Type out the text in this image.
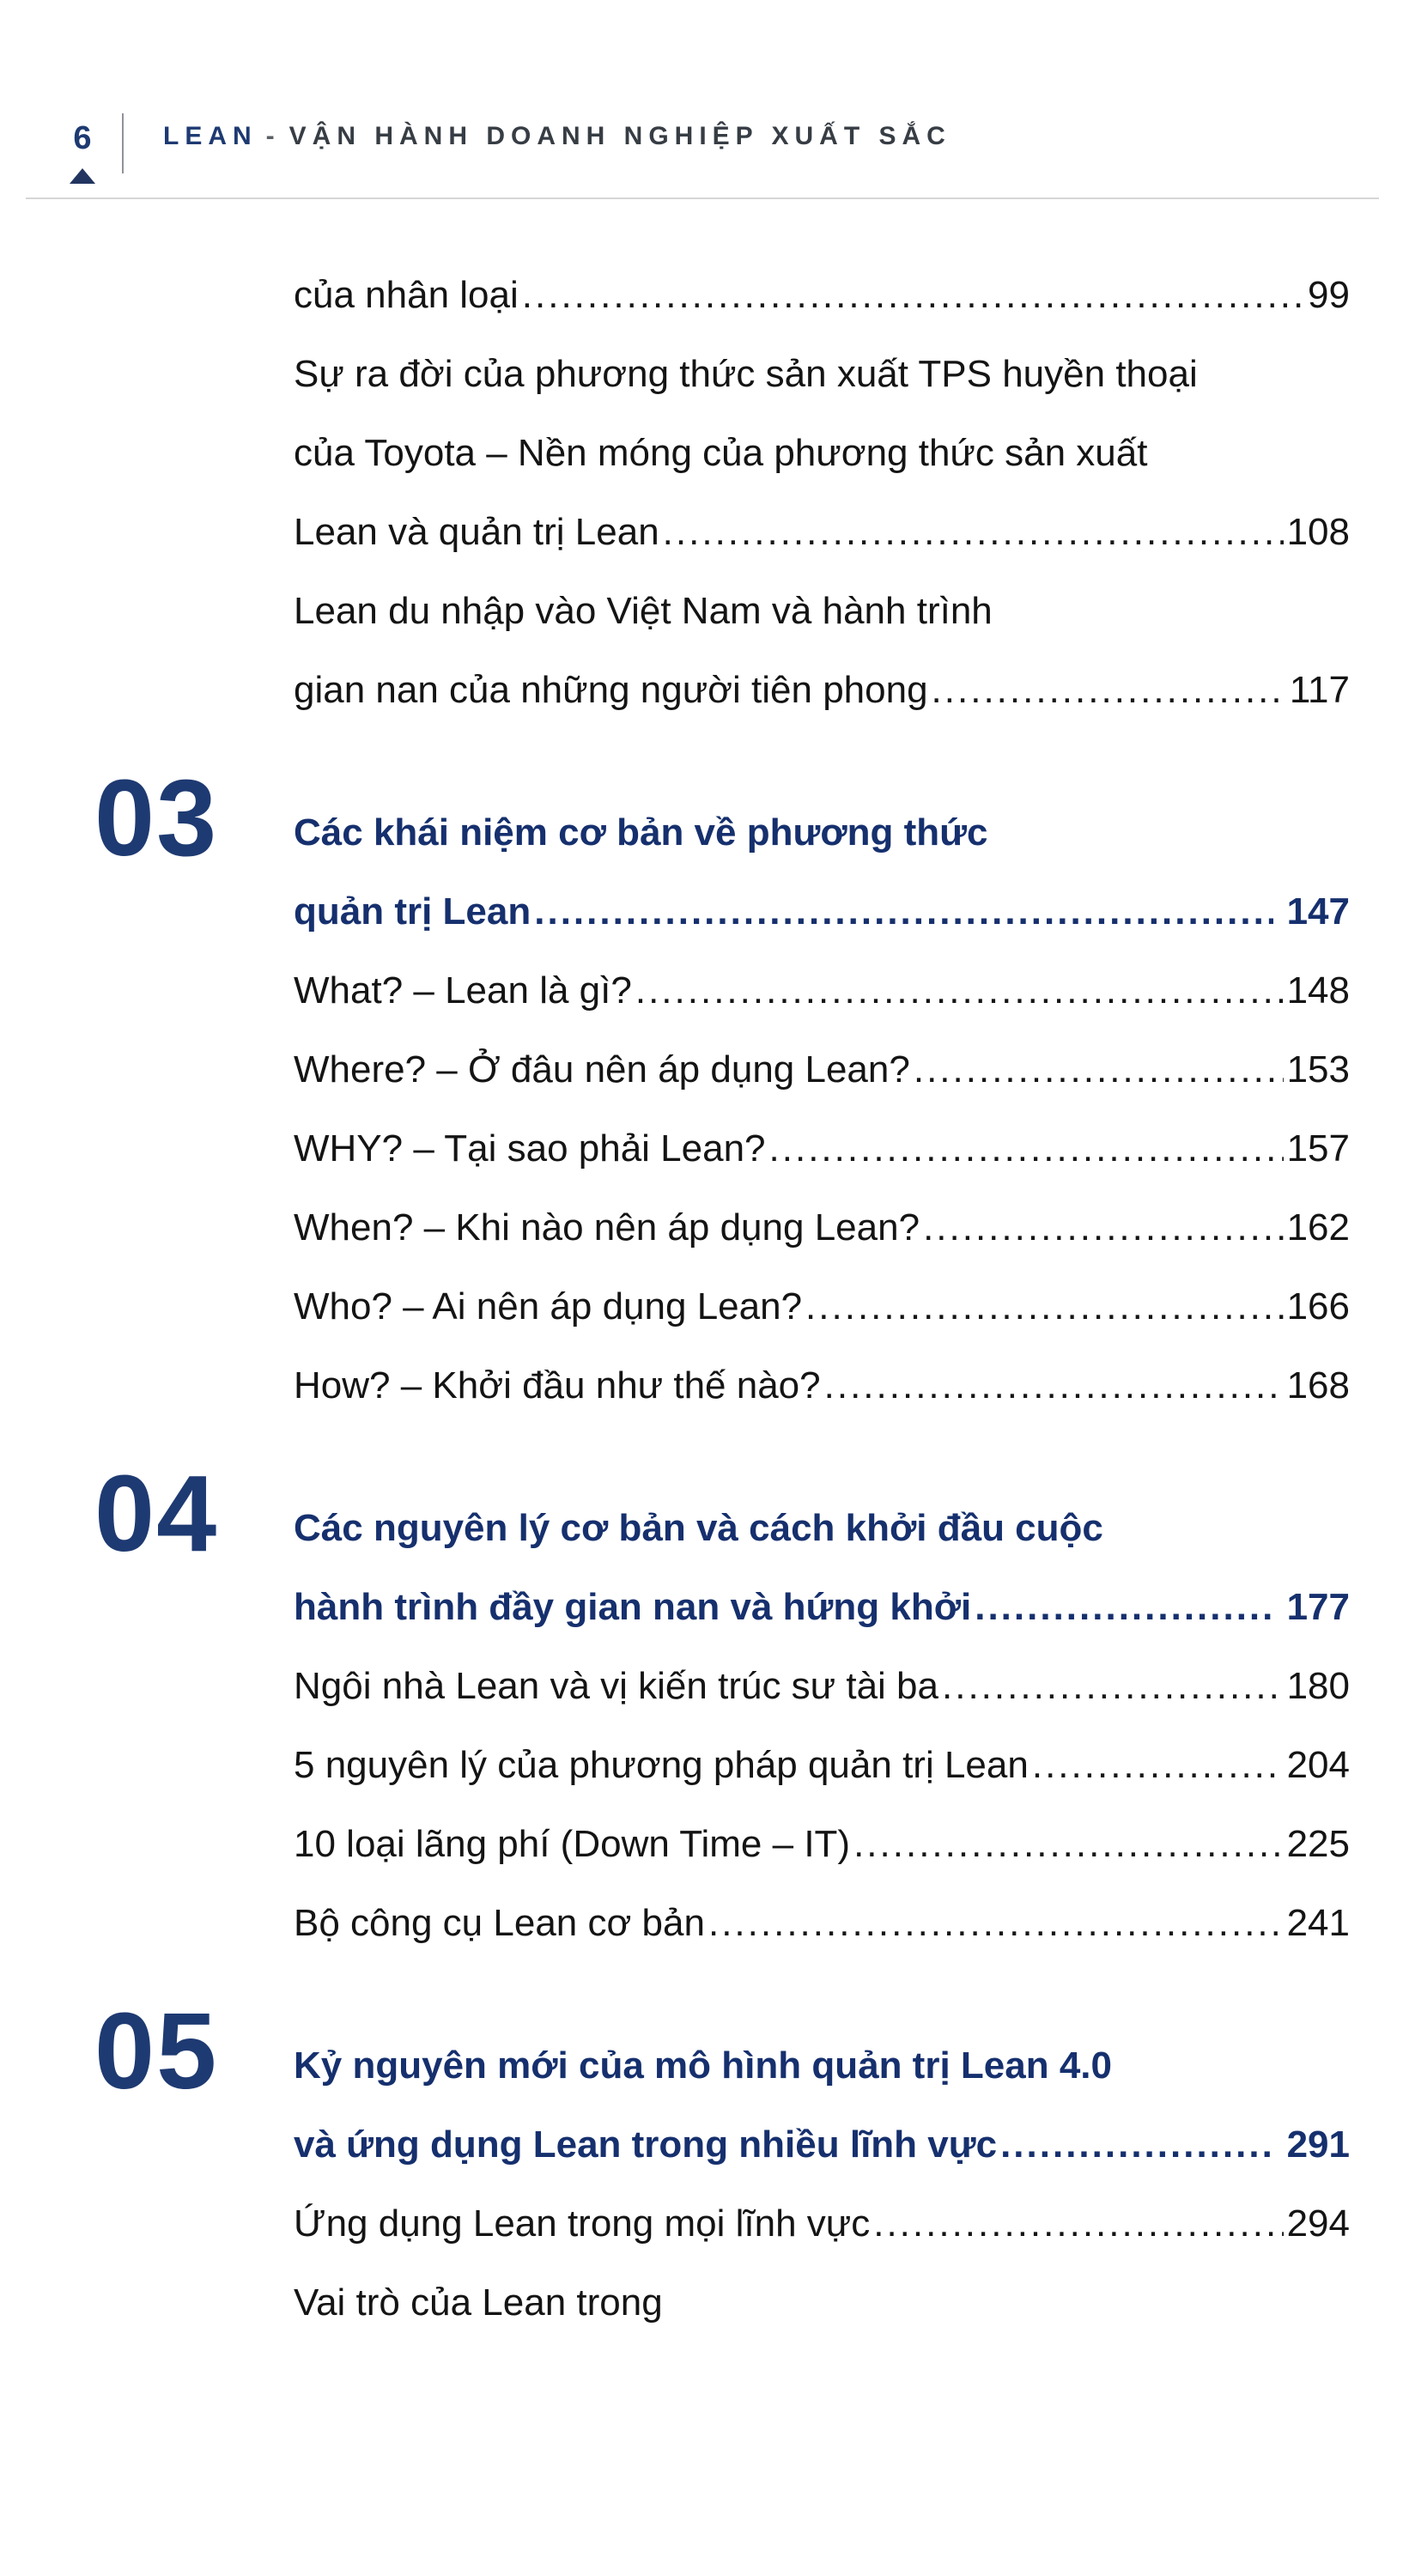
6	LEAN - VẬN HÀNH DOANH NGHIỆP XUẤT SẮC
của nhân loại .....	99
Sự ra đời của phương thức sản xuất TPS huyền thoại
của Toyota – Nền móng của phương thức sản xuất
Lean và quản trị Lean .....	108
Lean du nhập vào Việt Nam và hành trình
gian nan của những người tiên phong .....	117
03 Các khái niệm cơ bản về phương thức
quản trị Lean .....	147
What? – Lean là gì? .....	148
Where? – Ở đâu nên áp dụng Lean? .....	153
WHY? – Tại sao phải Lean? .....	157
When? – Khi nào nên áp dụng Lean? .....	162
Who? – Ai nên áp dụng Lean? .....	166
How? – Khởi đầu như thế nào? .....	168
04 Các nguyên lý cơ bản và cách khởi đầu cuộc
hành trình đầy gian nan và hứng khởi .....	177
Ngôi nhà Lean và vị kiến trúc sư tài ba .....	180
5 nguyên lý của phương pháp quản trị Lean .....	204
10 loại lãng phí (Down Time – IT) .....	225
Bộ công cụ Lean cơ bản .....	241
05 Kỷ nguyên mới của mô hình quản trị Lean 4.0
và ứng dụng Lean trong nhiều lĩnh vực .....	291
Ứng dụng Lean trong mọi lĩnh vực .....	294
Vai trò của Lean trong
